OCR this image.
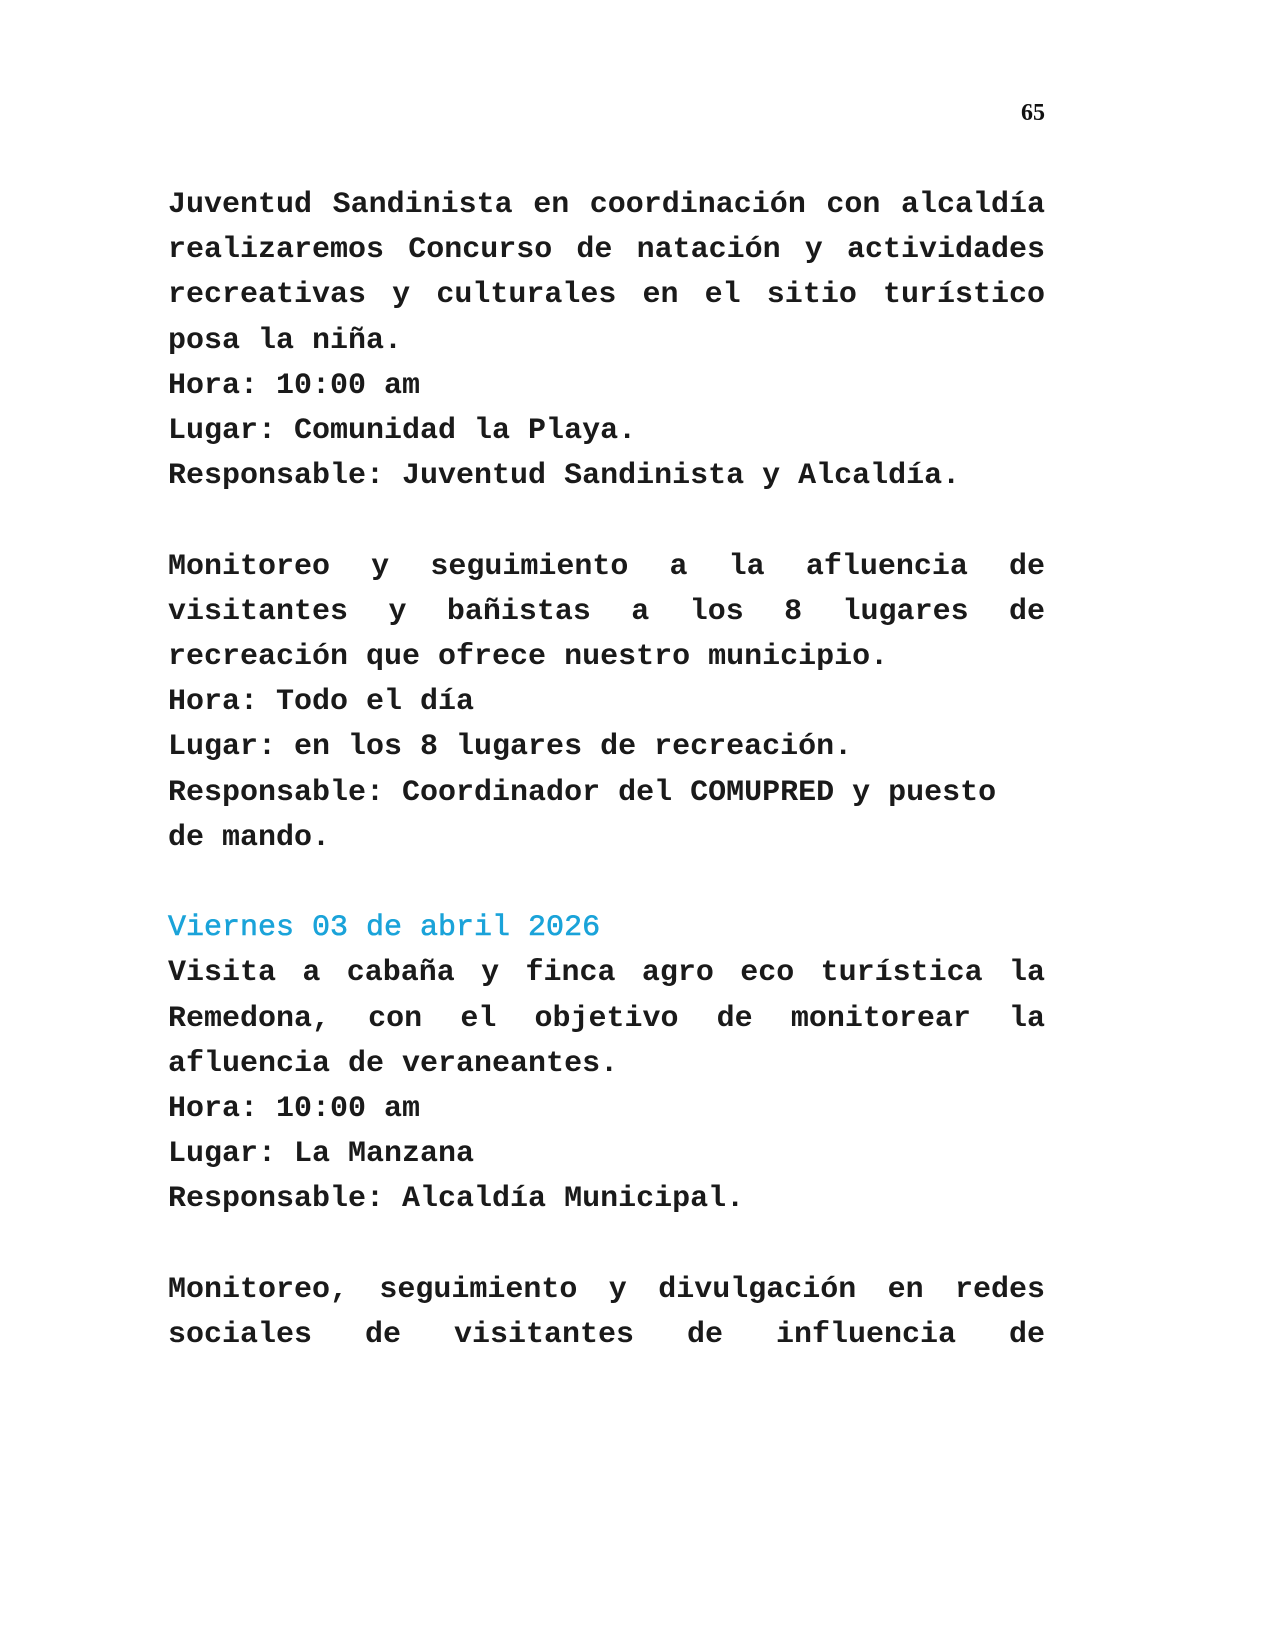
65

Juventud Sandinista en coordinación con alcaldía realizaremos Concurso de natación y actividades recreativas y culturales en el sitio turístico posa la niña.

Hora: 10:00 am

Lugar: Comunidad la Playa.

Responsable: Juventud Sandinista y Alcaldía.

Monitoreo y seguimiento a la afluencia de visitantes y bañistas a los 8 lugares de recreación que ofrece nuestro municipio.

Hora: Todo el día

Lugar: en los 8 lugares de recreación.

Responsable: Coordinador del COMUPRED y puesto de mando.

Viernes 03 de abril 2026

Visita a cabaña y finca agro eco turística la Remedona, con el objetivo de monitorear la afluencia de veraneantes.

Hora: 10:00 am

Lugar: La Manzana

Responsable: Alcaldía Municipal.

Monitoreo, seguimiento y divulgación en redes sociales de visitantes de influencia de
